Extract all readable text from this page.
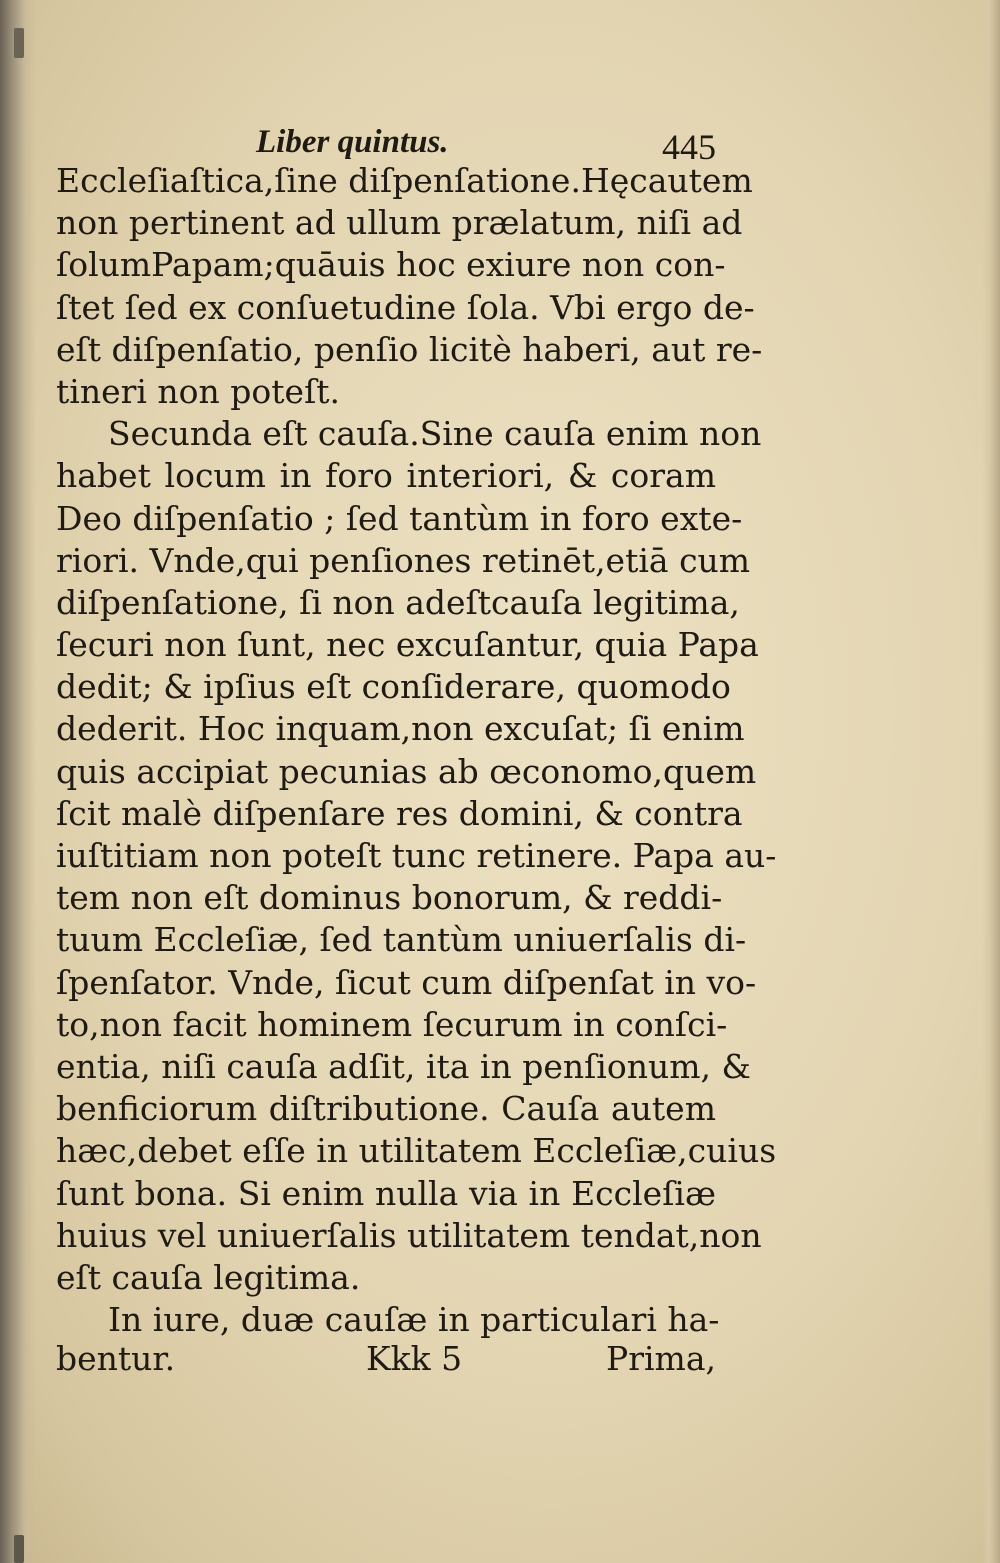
Liber quintus.	445
Eccleſiaſtica,ſine diſpenſatione.Hęcautem
non pertinent ad ullum prælatum, niſi ad
ſolumPapam;quāuis hoc exiure non con-
ſtet ſed ex conſuetudine ſola. Vbi ergo de-
eſt diſpenſatio, penſio licitè haberi, aut re-
tineri non poteſt.
Secunda eſt cauſa.Sine cauſa enim non
habet locum in foro interiori, & coram
Deo diſpenſatio ; ſed tantùm in foro exte-
riori. Vnde,qui penſiones retinēt,etiā cum
diſpenſatione, ſi non adeſtcauſa legitima,
ſecuri non ſunt, nec excuſantur, quia Papa
dedit; & ipſius eſt conſiderare, quomodo
dederit. Hoc inquam,non excuſat; ſi enim
quis accipiat pecunias ab œconomo,quem
ſcit malè diſpenſare res domini, & contra
iuſtitiam non poteſt tunc retinere. Papa au-
tem non eſt dominus bonorum, & reddi-
tuum Eccleſiæ, ſed tantùm uniuerſalis di-
ſpenſator. Vnde, ſicut cum diſpenſat in vo-
to,non facit hominem ſecurum in conſci-
entia, niſi cauſa adſit, ita in penſionum, &
benficiorum diſtributione. Cauſa autem
hæc,debet eſſe in utilitatem Eccleſiæ,cuius
ſunt bona. Si enim nulla via in Eccleſiæ
huius vel uniuerſalis utilitatem tendat,non
eſt cauſa legitima.
In iure, duæ cauſæ in particulari ha-
bentur.	Kkk 5	Prima,
